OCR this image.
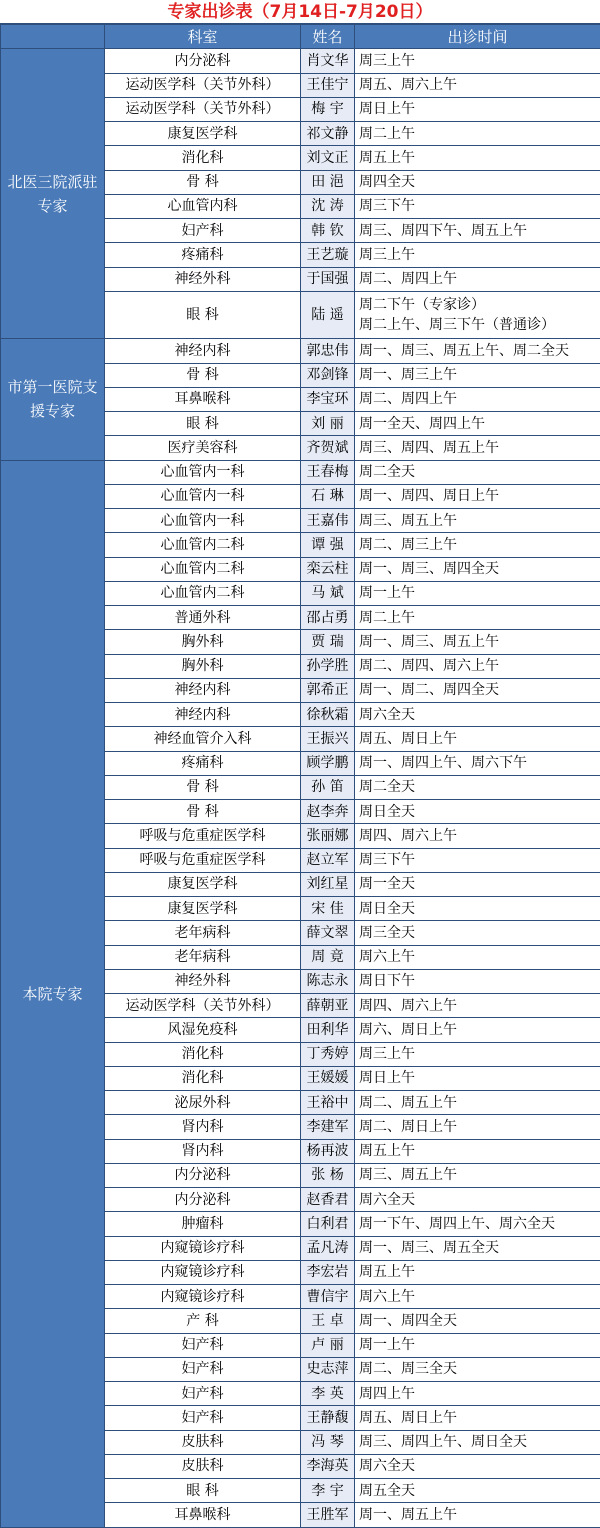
专家出诊表（7月14日-7月20日）
	科室	姓名	出诊时间
北医三院派驻专家	内分泌科	肖文华	周三上午
	运动医学科（关节外科）	王佳宁	周五、周六上午
	运动医学科（关节外科）	梅 宇	周日上午
	康复医学科	祁文静	周二上午
	消化科	刘文正	周五上午
	骨 科	田 浥	周四全天
	心血管内科	沈 涛	周三下午
	妇产科	韩 钦	周三、周四下午、周五上午
	疼痛科	王艺璇	周三上午
	神经外科	于国强	周二、周四上午
	眼 科	陆 遥	周二下午（专家诊）
周二上午、周三下午（普通诊）

市第一医院支援专家	神经内科	郭忠伟	周一、周三、周五上午、周二全天
	骨 科	邓剑锋	周一、周三上午
	耳鼻喉科	李宝环	周二、周四上午
	眼 科	刘 丽	周一全天、周四上午
	医疗美容科	齐贺斌	周三、周四、周五上午
本院专家	心血管内一科	王春梅	周二全天
	心血管内一科	石 琳	周一、周四、周日上午
	心血管内一科	王嘉伟	周三、周五上午
	心血管内二科	谭 强	周二、周三上午
	心血管内二科	栾云柱	周一、周三、周四全天
	心血管内二科	马 斌	周一上午
	普通外科	邵占勇	周二上午
	胸外科	贾 瑞	周一、周三、周五上午
	胸外科	孙学胜	周二、周四、周六上午
	神经内科	郭希正	周一、周二、周四全天
	神经内科	徐秋霜	周六全天
	神经血管介入科	王振兴	周五、周日上午
	疼痛科	顾学鹏	周一、周四上午、周六下午
	骨 科	孙 笛	周二全天
	骨 科	赵李奔	周日全天
	呼吸与危重症医学科	张丽娜	周四、周六上午
	呼吸与危重症医学科	赵立军	周三下午
	康复医学科	刘红星	周一全天
	康复医学科	宋 佳	周日全天
	老年病科	薛文翠	周三全天
	老年病科	周 竟	周六上午
	神经外科	陈志永	周日下午
	运动医学科（关节外科）	薛朝亚	周四、周六上午
	风湿免疫科	田利华	周六、周日上午
	消化科	丁秀婷	周三上午
	消化科	王媛媛	周日上午
	泌尿外科	王裕中	周二、周五上午
	肾内科	李建军	周二、周日上午
	肾内科	杨再波	周五上午
	内分泌科	张 杨	周三、周五上午
	内分泌科	赵香君	周六全天
	肿瘤科	白利君	周一下午、周四上午、周六全天
	内窥镜诊疗科	孟凡涛	周一、周三、周五全天
	内窥镜诊疗科	李宏岩	周五上午
	内窥镜诊疗科	曹信宇	周六上午
	产 科	王 卓	周一、周四全天
	妇产科	卢 丽	周一上午
	妇产科	史志萍	周二、周三全天
	妇产科	李 英	周四上午
	妇产科	王静馥	周五、周日上午
	皮肤科	冯 琴	周三、周四上午、周日全天
	皮肤科	李海英	周六全天
	眼 科	李 宇	周五全天
	耳鼻喉科	王胜军	周一、周五上午
